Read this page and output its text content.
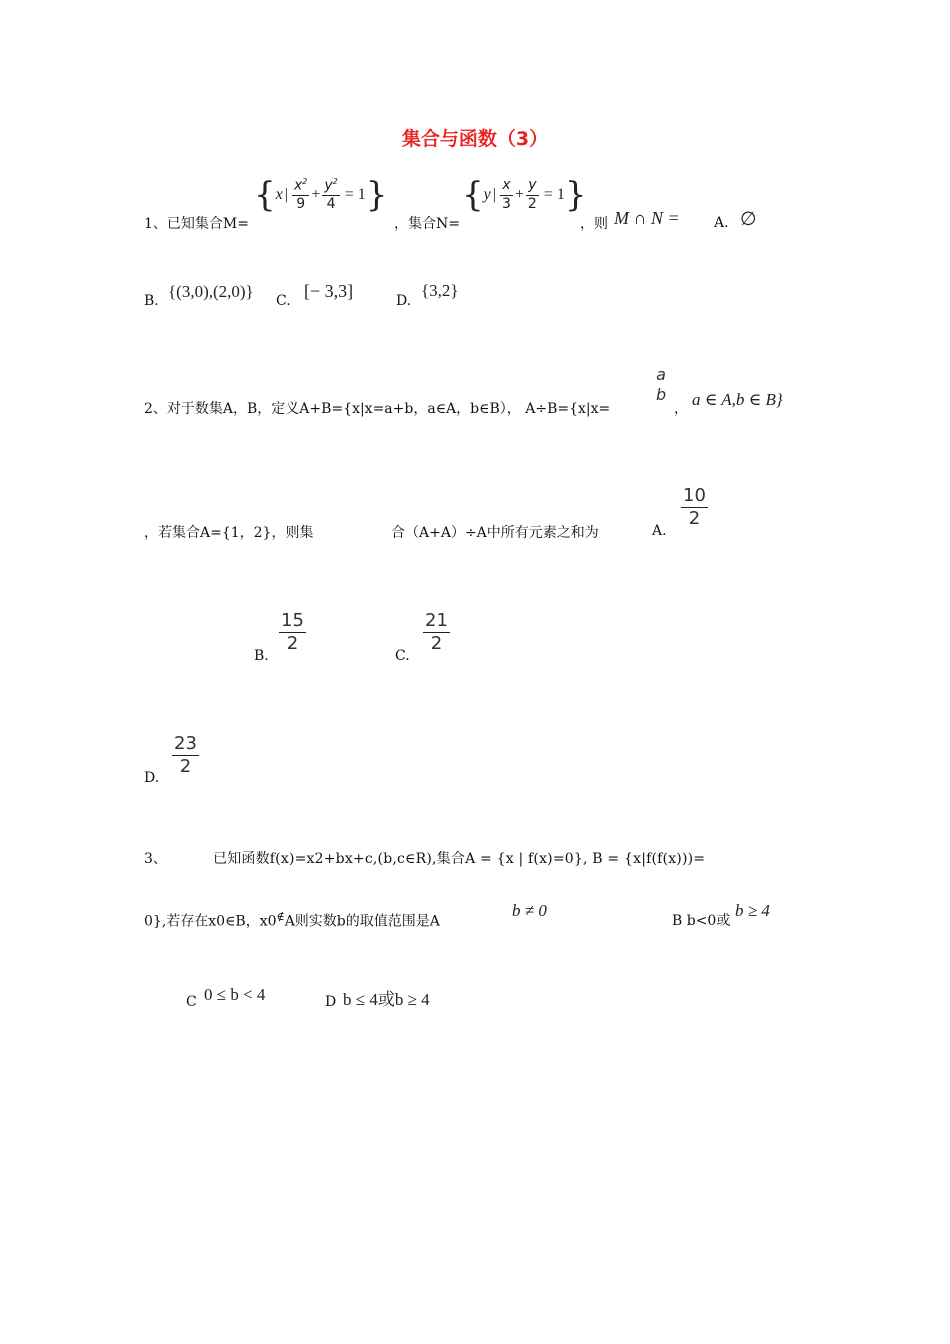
集合与函数（3）
1、已知集合M=
{ x | $\frac{x^2}{9} + \frac{y^2}{4} = 1$ }
，集合N=
{ y | $\frac{x}{3} + \frac{y}{2} = 1$ }
，则 M ∩ N = A. ∅
B. {(3,0),(2,0)} C. [− 3,3]	D.
{3,2}
2、对于数集A，B，定义A+B={x|x=a+b，a∈A，b∈B）， A÷B={x|x=
a
b
， a ∈ A,b ∈ B}
，若集合A={1，2}，则集	合（A+A）÷A中所有元素之和为	A.
$\frac{10}{2}$
B.
$\frac{15}{2}$
C.
$\frac{21}{2}$
D.
$\frac{23}{2}$
3、	已知函数f(x)=x2+bx+c,(b,c∈R),集合A = {x | f(x)=0}, B = {x|f(f(x)))=
0},若存在x0∈B，x0∉A则实数b的取值范围是A
b ≠ 0
B b<0或
b ≥ 4
C 0 ≤ b < 4	D b ≤ 4或b ≥ 4
